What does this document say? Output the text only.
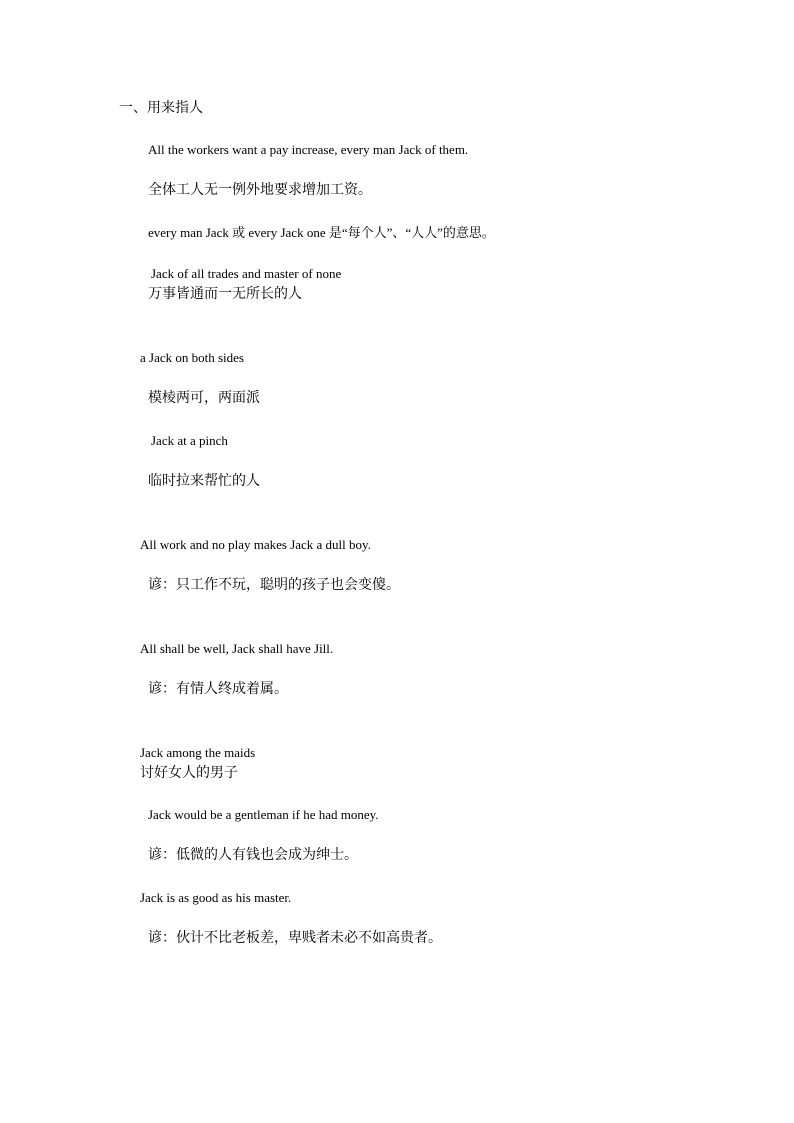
一、用来指人
All the workers want a pay increase, every man Jack of them.
全体工人无一例外地要求增加工资。
every man Jack 或 every Jack one 是“每个人”、“人人”的意思。
Jack of all trades and master of none
万事皆通而一无所长的人
a Jack on both sides
模棱两可，两面派
Jack at a pinch
临时拉来帮忙的人
All work and no play makes Jack a dull boy.
谚：只工作不玩，聪明的孩子也会变傻。
All shall be well, Jack shall have Jill.
谚：有情人终成着属。
Jack among the maids
讨好女人的男子
Jack would be a gentleman if he had money.
谚：低微的人有钱也会成为绅士。
Jack is as good as his master.
谚：伙计不比老板差，卑贱者未必不如高贵者。
